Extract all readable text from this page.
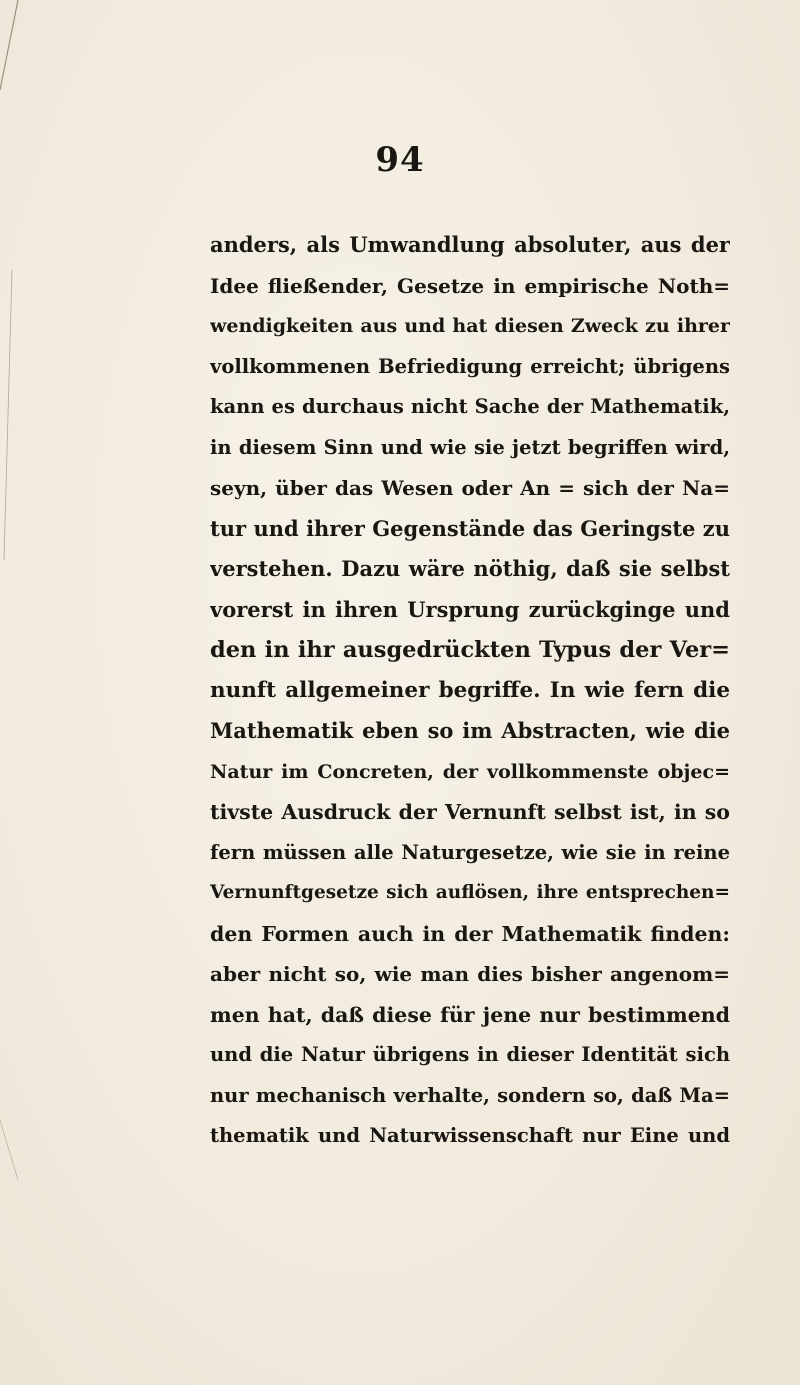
94
anders, als Umwandlung absoluter, aus der
Idee fließender, Gesetze in empirische Noth=
wendigkeiten aus und hat diesen Zweck zu ihrer
vollkommenen Befriedigung erreicht; übrigens
kann es durchaus nicht Sache der Mathematik,
in diesem Sinn und wie sie jetzt begriffen wird,
seyn, über das Wesen oder An = sich der Na=
tur und ihrer Gegenstände das Geringste zu
verstehen. Dazu wäre nöthig, daß sie selbst
vorerst in ihren Ursprung zurückginge und
den in ihr ausgedrückten Typus der Ver=
nunft allgemeiner begriffe. In wie fern die
Mathematik eben so im Abstracten, wie die
Natur im Concreten, der vollkommenste objec=
tivste Ausdruck der Vernunft selbst ist, in so
fern müssen alle Naturgesetze, wie sie in reine
Vernunftgesetze sich auflösen, ihre entsprechen=
den Formen auch in der Mathematik finden:
aber nicht so, wie man dies bisher angenom=
men hat, daß diese für jene nur bestimmend
und die Natur übrigens in dieser Identität sich
nur mechanisch verhalte, sondern so, daß Ma=
thematik und Naturwissenschaft nur Eine und
